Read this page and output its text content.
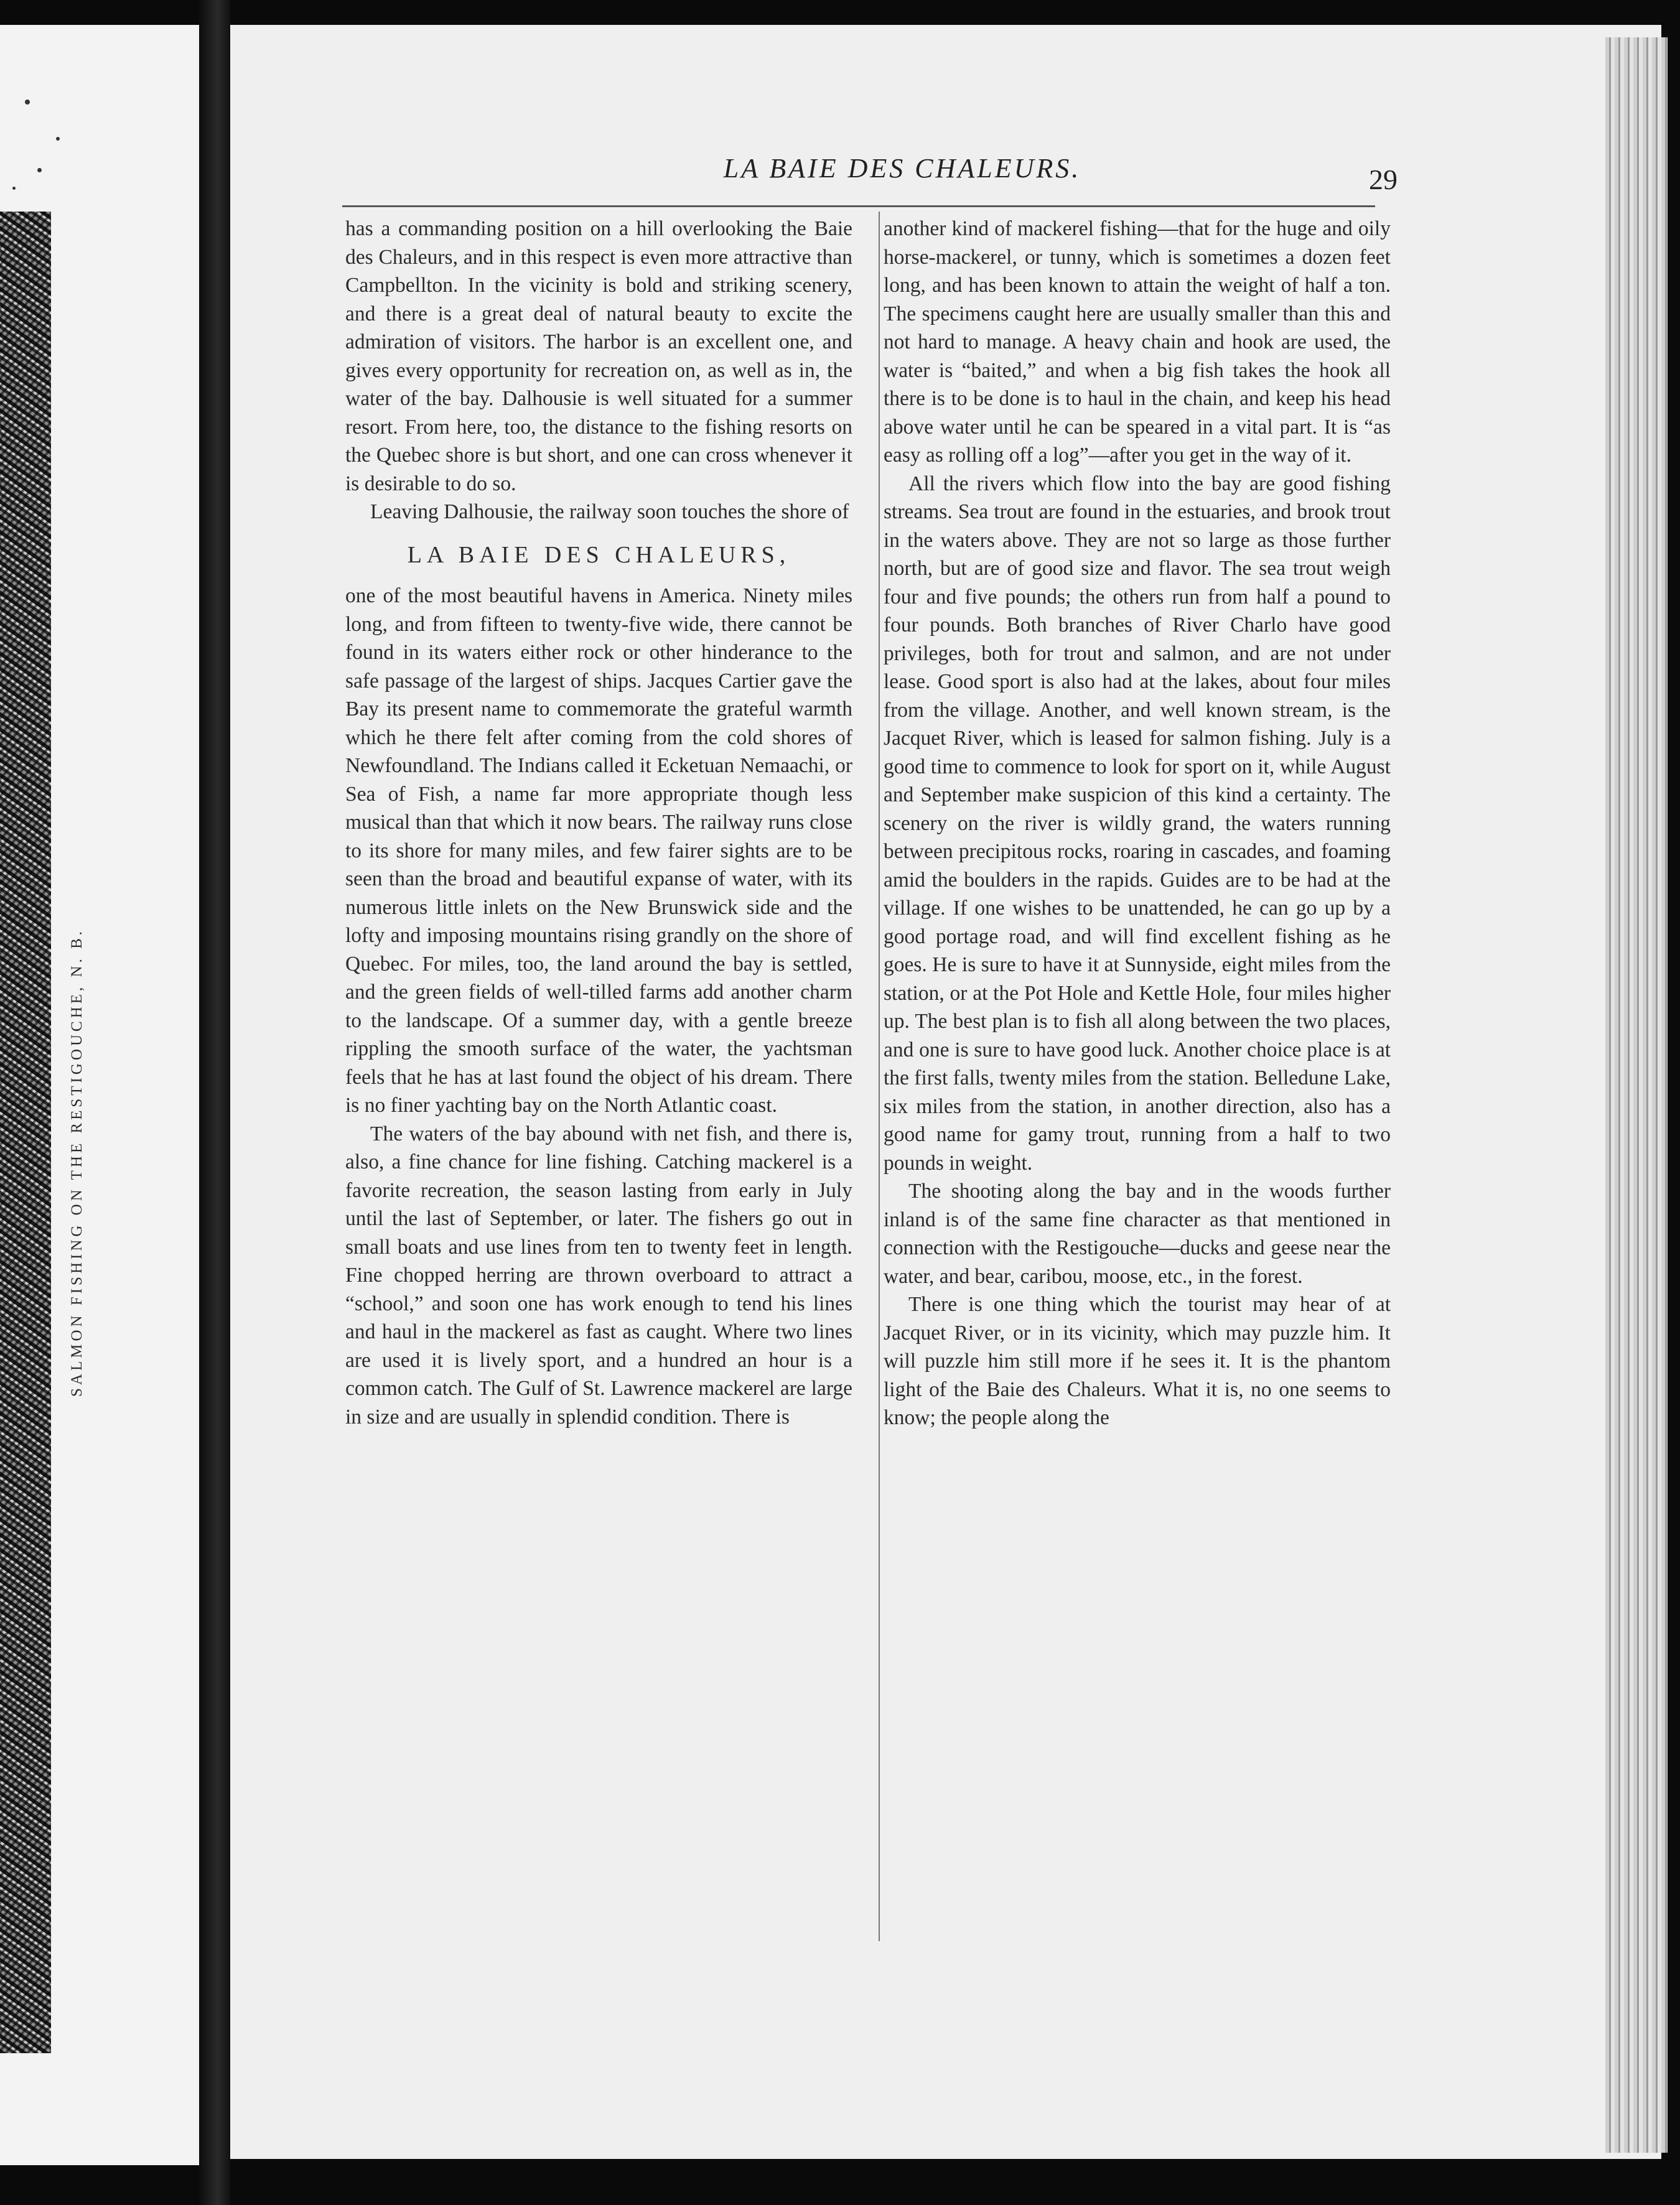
SALMON FISHING ON THE RESTIGOUCHE, N. B.
LA BAIE DES CHALEURS.	29

has a commanding position on a hill overlooking the Baie des Chaleurs, and in this respect is even more attractive than Campbellton. In the vicinity is bold and striking scenery, and there is a great deal of natural beauty to excite the admiration of visitors. The harbor is an excellent one, and gives every opportunity for recreation on, as well as in, the water of the bay. Dalhousie is well situated for a summer resort. From here, too, the distance to the fishing resorts on the Quebec shore is but short, and one can cross whenever it is desirable to do so.

Leaving Dalhousie, the railway soon touches the shore of

LA BAIE DES CHALEURS,

one of the most beautiful havens in America. Ninety miles long, and from fifteen to twenty-five wide, there cannot be found in its waters either rock or other hinderance to the safe passage of the largest of ships. Jacques Cartier gave the Bay its present name to commemorate the grateful warmth which he there felt after coming from the cold shores of Newfoundland. The Indians called it Ecketuan Nemaachi, or Sea of Fish, a name far more appropriate though less musical than that which it now bears. The railway runs close to its shore for many miles, and few fairer sights are to be seen than the broad and beautiful expanse of water, with its numerous little inlets on the New Brunswick side and the lofty and imposing mountains rising grandly on the shore of Quebec. For miles, too, the land around the bay is settled, and the green fields of well-tilled farms add another charm to the landscape. Of a summer day, with a gentle breeze rippling the smooth surface of the water, the yachtsman feels that he has at last found the object of his dream. There is no finer yachting bay on the North Atlantic coast.

The waters of the bay abound with net fish, and there is, also, a fine chance for line fishing. Catching mackerel is a favorite recreation, the season lasting from early in July until the last of September, or later. The fishers go out in small boats and use lines from ten to twenty feet in length. Fine chopped herring are thrown overboard to attract a “school,” and soon one has work enough to tend his lines and haul in the mackerel as fast as caught. Where two lines are used it is lively sport, and a hundred an hour is a common catch. The Gulf of St. Lawrence mackerel are large in size and are usually in splendid condition. There is

another kind of mackerel fishing—that for the huge and oily horse-mackerel, or tunny, which is sometimes a dozen feet long, and has been known to attain the weight of half a ton. The specimens caught here are usually smaller than this and not hard to manage. A heavy chain and hook are used, the water is “baited,” and when a big fish takes the hook all there is to be done is to haul in the chain, and keep his head above water until he can be speared in a vital part. It is “as easy as rolling off a log”—after you get in the way of it.

All the rivers which flow into the bay are good fishing streams. Sea trout are found in the estuaries, and brook trout in the waters above. They are not so large as those further north, but are of good size and flavor. The sea trout weigh four and five pounds; the others run from half a pound to four pounds. Both branches of River Charlo have good privileges, both for trout and salmon, and are not under lease. Good sport is also had at the lakes, about four miles from the village. Another, and well known stream, is the Jacquet River, which is leased for salmon fishing. July is a good time to commence to look for sport on it, while August and September make suspicion of this kind a certainty. The scenery on the river is wildly grand, the waters running between precipitous rocks, roaring in cascades, and foaming amid the boulders in the rapids. Guides are to be had at the village. If one wishes to be unattended, he can go up by a good portage road, and will find excellent fishing as he goes. He is sure to have it at Sunnyside, eight miles from the station, or at the Pot Hole and Kettle Hole, four miles higher up. The best plan is to fish all along between the two places, and one is sure to have good luck. Another choice place is at the first falls, twenty miles from the station. Belledune Lake, six miles from the station, in another direction, also has a good name for gamy trout, running from a half to two pounds in weight.

The shooting along the bay and in the woods further inland is of the same fine character as that mentioned in connection with the Restigouche—ducks and geese near the water, and bear, caribou, moose, etc., in the forest.

There is one thing which the tourist may hear of at Jacquet River, or in its vicinity, which may puzzle him. It will puzzle him still more if he sees it. It is the phantom light of the Baie des Chaleurs. What it is, no one seems to know; the people along the
